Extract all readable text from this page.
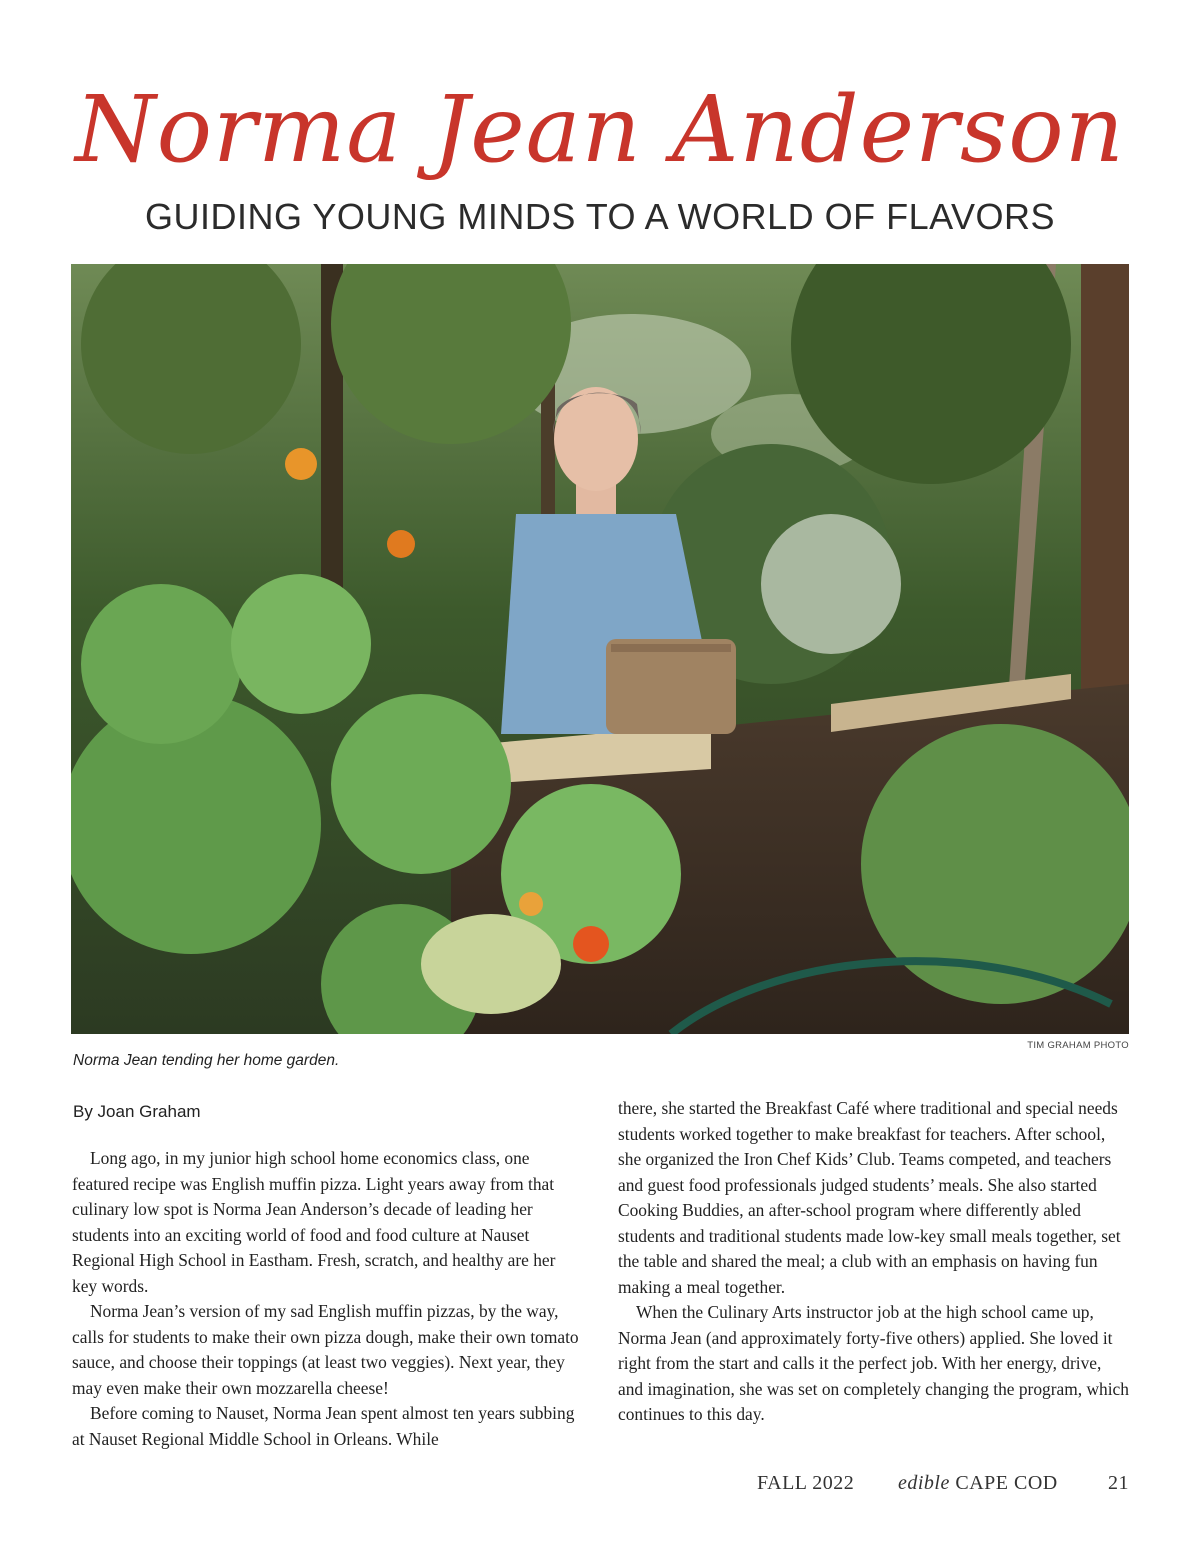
Norma Jean Anderson
GUIDING YOUNG MINDS TO A WORLD OF FLAVORS
TIM GRAHAM PHOTO
Norma Jean tending her home garden.
By Joan Graham

Long ago, in my junior high school home economics class, one featured recipe was English muffin pizza. Light years away from that culinary low spot is Norma Jean Anderson’s decade of leading her students into an exciting world of food and food culture at Nauset Regional High School in Eastham. Fresh, scratch, and healthy are her key words.

Norma Jean’s version of my sad English muffin pizzas, by the way, calls for students to make their own pizza dough, make their own tomato sauce, and choose their toppings (at least two veggies). Next year, they may even make their own mozzarella cheese!

Before coming to Nauset, Norma Jean spent almost ten years subbing at Nauset Regional Middle School in Orleans. While

there, she started the Breakfast Café where traditional and special needs students worked together to make breakfast for teachers. After school, she organized the Iron Chef Kids’ Club. Teams competed, and teachers and guest food professionals judged students’ meals. She also started Cooking Buddies, an after-school program where differently abled students and traditional students made low-key small meals together, set the table and shared the meal; a club with an emphasis on having fun making a meal together.

When the Culinary Arts instructor job at the high school came up, Norma Jean (and approximately forty-five others) applied. She loved it right from the start and calls it the perfect job. With her energy, drive, and imagination, she was set on completely changing the program, which continues to this day.

FALL 2022 edible CAPE COD	21
